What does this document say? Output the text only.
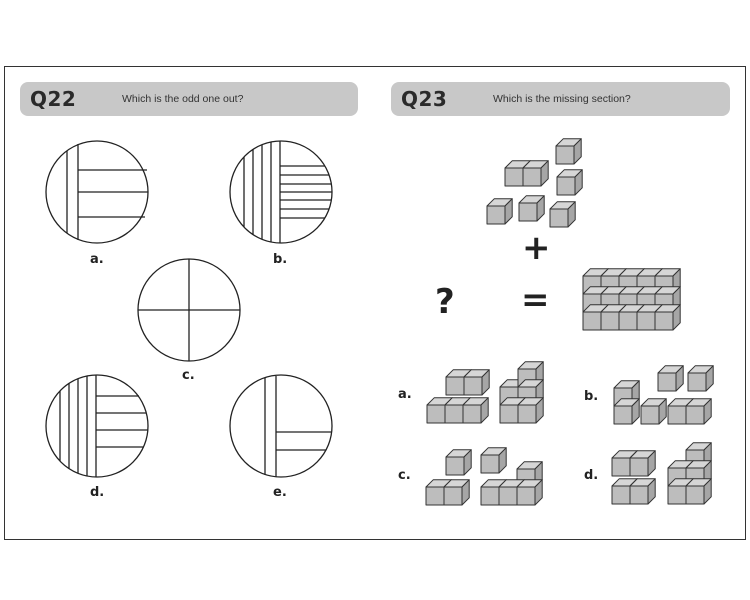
Q22	Which is the odd one out?	Q23	Which is the missing section?
a.	b.
c.
d.	e.
+
? =
a.	b.
c.	d.
